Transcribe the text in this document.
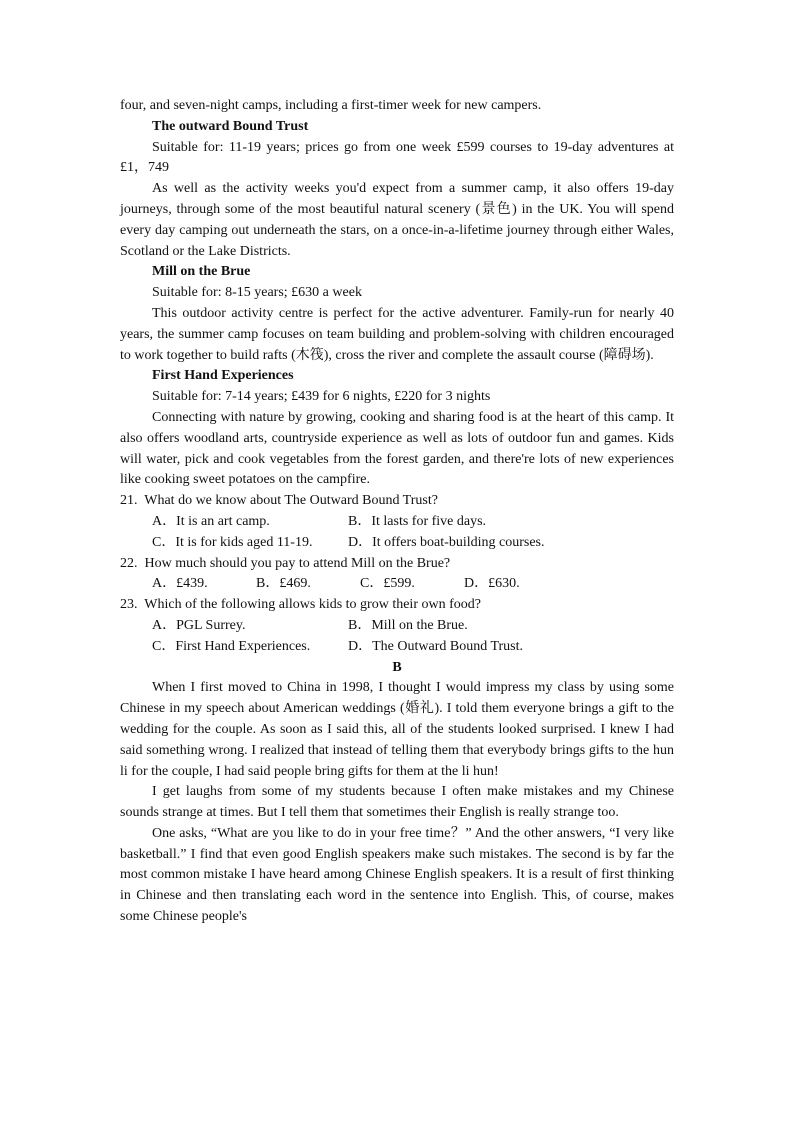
four, and seven-night camps, including a first-timer week for new campers.

The outward Bound Trust

Suitable for: 11-19 years; prices go from one week £599 courses to 19-day adventures at £1，749

As well as the activity weeks you'd expect from a summer camp, it also offers 19-day journeys, through some of the most beautiful natural scenery (景色) in the UK. You will spend every day camping out underneath the stars, on a once-in-a-lifetime journey through either Wales, Scotland or the Lake Districts.

Mill on the Brue

Suitable for: 8-15 years; £630 a week

This outdoor activity centre is perfect for the active adventurer. Family-run for nearly 40 years, the summer camp focuses on team building and problem-solving with children encouraged to work together to build rafts (木筏), cross the river and complete the assault course (障碍场).

First Hand Experiences

Suitable for: 7-14 years; £439 for 6 nights, £220 for 3 nights

Connecting with nature by growing, cooking and sharing food is at the heart of this camp. It also offers woodland arts, countryside experience as well as lots of outdoor fun and games. Kids will water, pick and cook vegetables from the forest garden, and there're lots of new experiences like cooking sweet potatoes on the campfire.

21.  What do we know about The Outward Bound Trust?

A．It is an art camp.	B．It lasts for five days.
C．It is for kids aged 11-19.	D．It offers boat-building courses.

22.  How much should you pay to attend Mill on the Brue?

A．£439.	B．£469.	C．£599.	D．£630.

23.  Which of the following allows kids to grow their own food?

A．PGL Surrey.	B．Mill on the Brue.
C．First Hand Experiences.	D．The Outward Bound Trust.

B

When I first moved to China in 1998, I thought I would impress my class by using some Chinese in my speech about American weddings (婚礼). I told them everyone brings a gift to the wedding for the couple. As soon as I said this, all of the students looked surprised. I knew I had said something wrong. I realized that instead of telling them that everybody brings gifts to the hun li for the couple, I had said people bring gifts for them at the li hun!

I get laughs from some of my students because I often make mistakes and my Chinese sounds strange at times. But I tell them that sometimes their English is really strange too.

One asks, “What are you like to do in your free time？” And the other answers, “I very like basketball.” I find that even good English speakers make such mistakes. The second is by far the most common mistake I have heard among Chinese English speakers. It is a result of first thinking in Chinese and then translating each word in the sentence into English. This, of course, makes some Chinese people's
